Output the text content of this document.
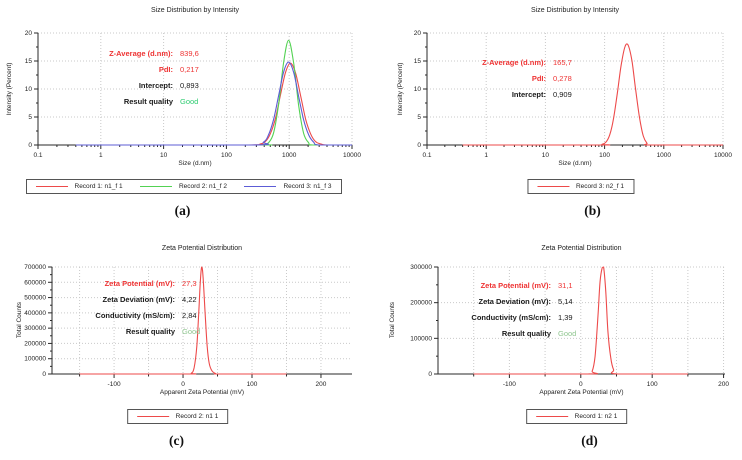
0.1	1	10	100	1000	10000
0
5
10
15
20
Size Distribution by Intensity
Intensity (Percent)
Size (d.nm)
Z-Average (d.nm): 839,6
PdI: 0,217
Intercept: 0,893
Result quality Good
Record 1: n1_f 1	Record 2: n1_f 2	Record 3: n1_f 3
(a)
0.1	1	10	100	1000	10000
0
5
10
15
20
Size Distribution by Intensity
Intensity (Percent)
Size (d.nm)
Z-Average (d.nm): 165,7
PdI: 0,278
Intercept: 0,909
Record 3: n2_f 1
(b)
-100	0	100	200
0
100000
200000
300000
400000
500000
600000
700000
Zeta Potential Distribution
Total Counts
Apparent Zeta Potential (mV)
Zeta Potential (mV): 27,3
Zeta Deviation (mV): 4,22
Conductivity (mS/cm): 2,84
Result quality Good
Record 2: n1 1
(c)
-100	0	100	200
0
100000
200000
300000
Zeta Potential Distribution
Total Counts
Apparent Zeta Potential (mV)
Zeta Potential (mV): 31,1
Zeta Deviation (mV): 5,14
Conductivity (mS/cm): 1,39
Result quality Good
Record 1: n2 1
(d)
